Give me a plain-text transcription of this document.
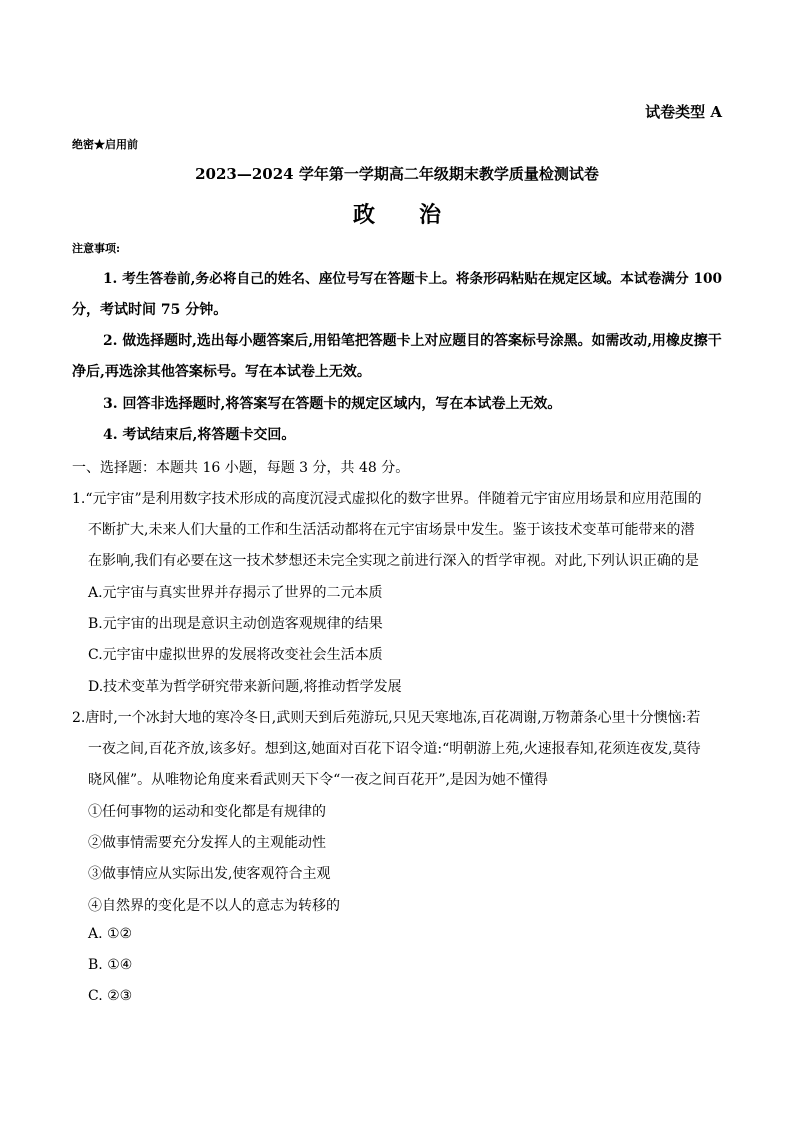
试卷类型 A
绝密★启用前
2023—2024 学年第一学期高二年级期末教学质量检测试卷
政　　治
注意事项:
1. 考生答卷前,务必将自己的姓名、座位号写在答题卡上。将条形码粘贴在规定区域。本试卷满分 100
分，考试时间 75 分钟。
2. 做选择题时,选出每小题答案后,用铅笔把答题卡上对应题目的答案标号涂黑。如需改动,用橡皮擦干
净后,再选涂其他答案标号。写在本试卷上无效。
3. 回答非选择题时,将答案写在答题卡的规定区域内，写在本试卷上无效。
4. 考试结束后,将答题卡交回。
一、选择题：本题共 16 小题，每题 3 分，共 48 分。
1.“元宇宙”是利用数字技术形成的高度沉浸式虚拟化的数字世界。伴随着元宇宙应用场景和应用范围的
不断扩大,未来人们大量的工作和生活活动都将在元宇宙场景中发生。鉴于该技术变革可能带来的潜
在影响,我们有必要在这一技术梦想还未完全实现之前进行深入的哲学审视。对此,下列认识正确的是
A.元宇宙与真实世界并存揭示了世界的二元本质
B.元宇宙的出现是意识主动创造客观规律的结果
C.元宇宙中虚拟世界的发展将改变社会生活本质
D.技术变革为哲学研究带来新问题,将推动哲学发展
2.唐时,一个冰封大地的寒冷冬日,武则天到后苑游玩,只见天寒地冻,百花凋谢,万物萧条心里十分懊恼:若
一夜之间,百花齐放,该多好。想到这,她面对百花下诏令道:“明朝游上苑,火速报春知,花须连夜发,莫待
晓风催”。从唯物论角度来看武则天下令“一夜之间百花开”,是因为她不懂得
①任何事物的运动和变化都是有规律的
②做事情需要充分发挥人的主观能动性
③做事情应从实际出发,使客观符合主观
④自然界的变化是不以人的意志为转移的
A. ①②
B. ①④
C. ②③
